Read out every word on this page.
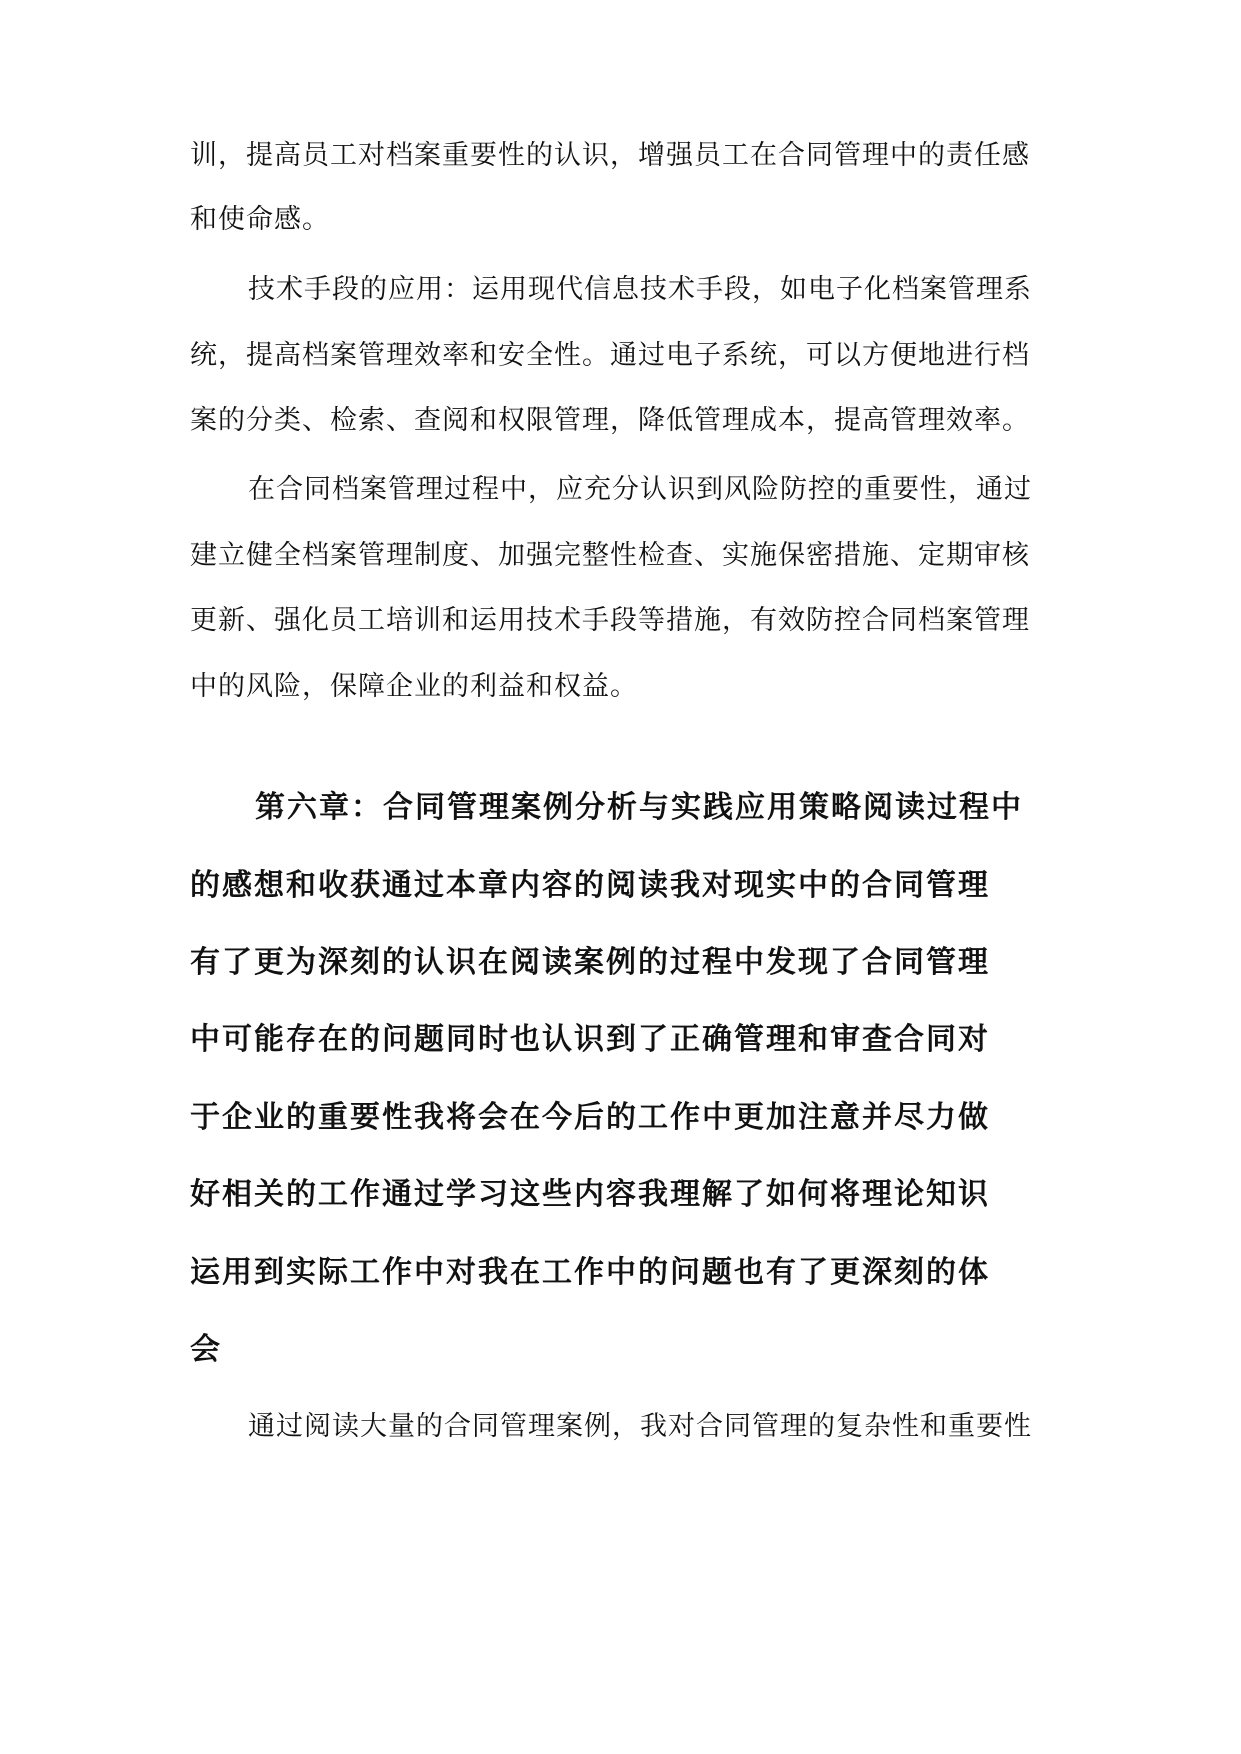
训，提高员工对档案重要性的认识，增强员工在合同管理中的责任感

和使命感。

技术手段的应用：运用现代信息技术手段，如电子化档案管理系

统，提高档案管理效率和安全性。通过电子系统，可以方便地进行档

案的分类、检索、查阅和权限管理，降低管理成本，提高管理效率。

在合同档案管理过程中，应充分认识到风险防控的重要性，通过

建立健全档案管理制度、加强完整性检查、实施保密措施、定期审核

更新、强化员工培训和运用技术手段等措施，有效防控合同档案管理

中的风险，保障企业的利益和权益。

第六章：合同管理案例分析与实践应用策略阅读过程中

的感想和收获通过本章内容的阅读我对现实中的合同管理

有了更为深刻的认识在阅读案例的过程中发现了合同管理

中可能存在的问题同时也认识到了正确管理和审查合同对

于企业的重要性我将会在今后的工作中更加注意并尽力做

好相关的工作通过学习这些内容我理解了如何将理论知识

运用到实际工作中对我在工作中的问题也有了更深刻的体

会

通过阅读大量的合同管理案例，我对合同管理的复杂性和重要性
